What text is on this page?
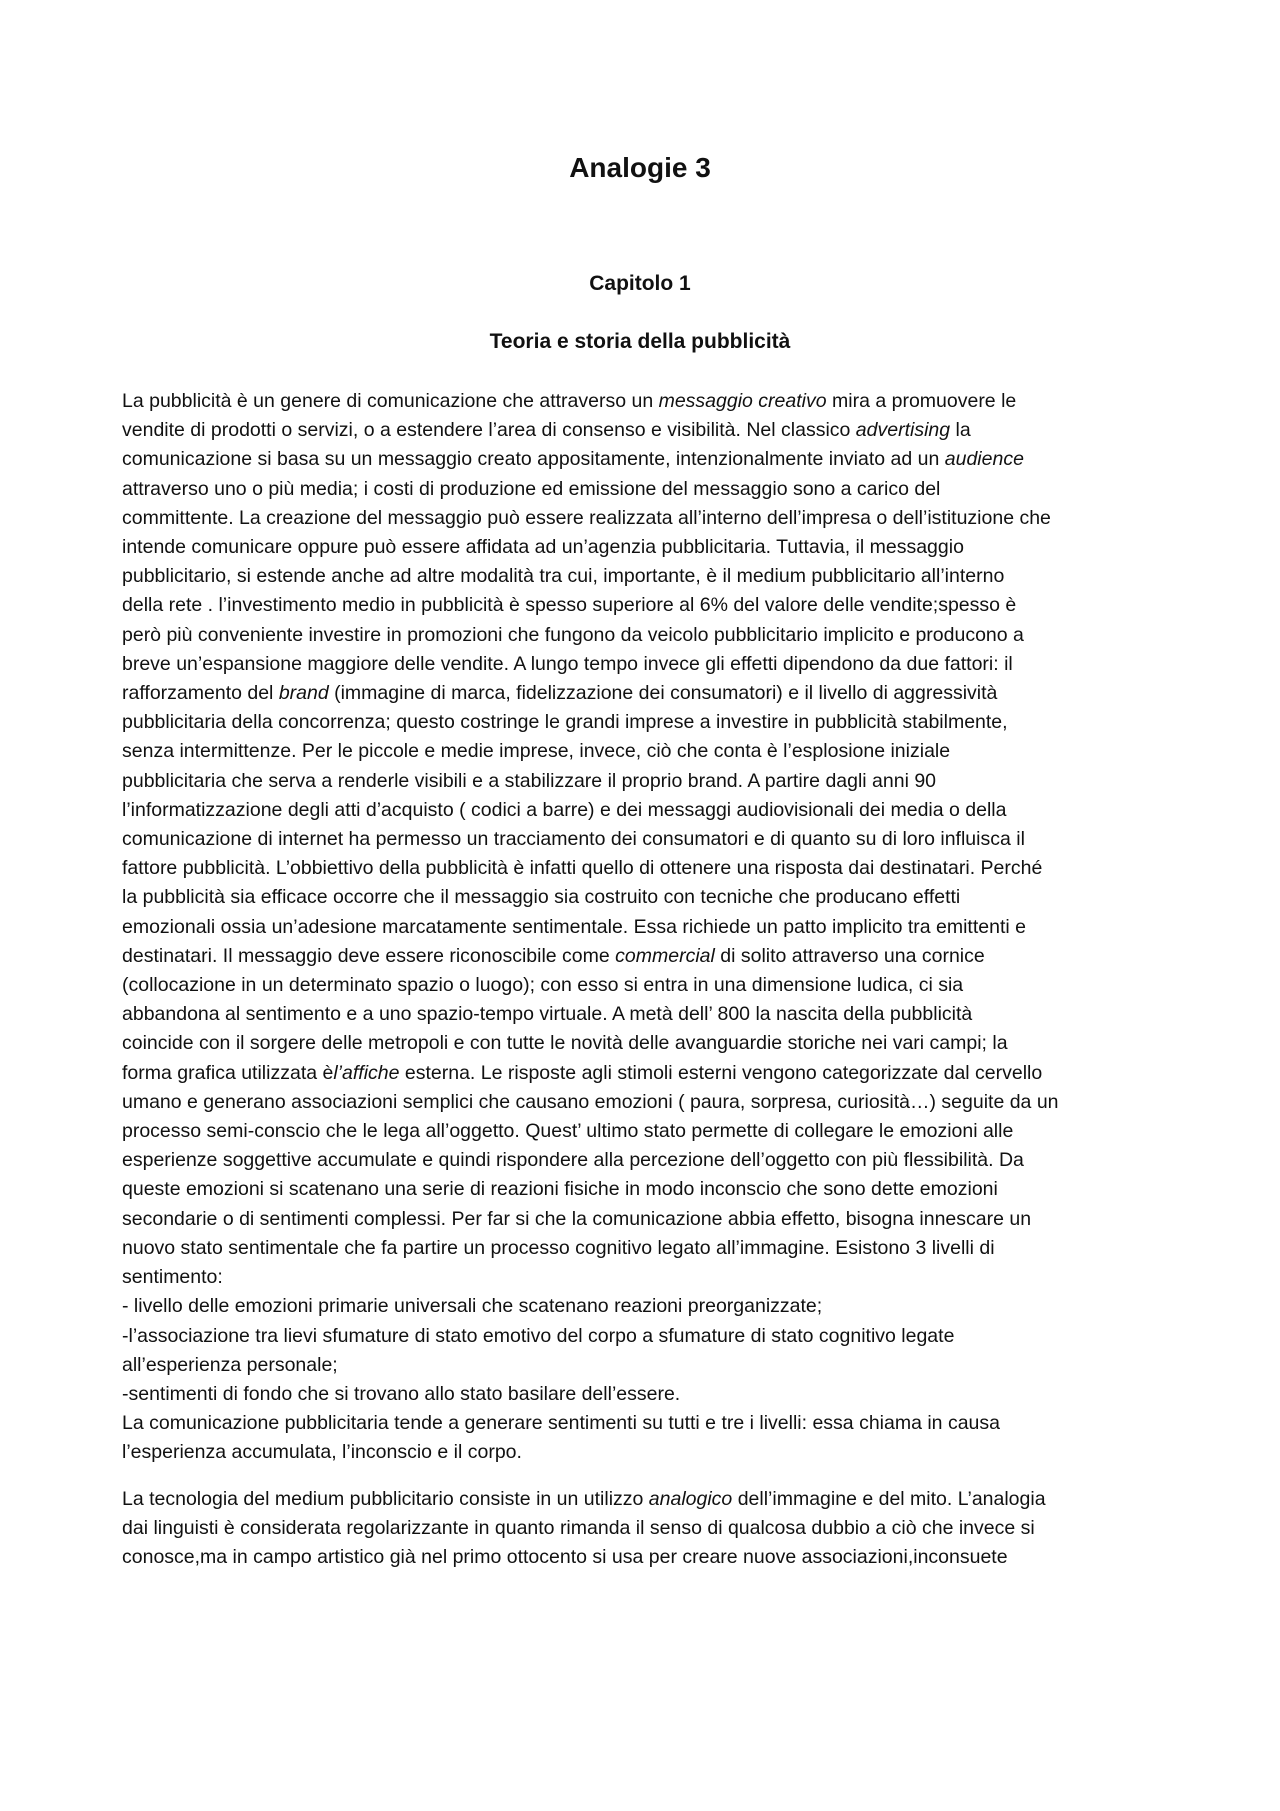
Analogie 3
Capitolo 1
Teoria e storia della pubblicità
La pubblicità è un genere di comunicazione che attraverso un messaggio creativo mira a promuovere le
vendite di prodotti o servizi, o a estendere l’area di consenso e visibilità. Nel classico advertising la
comunicazione si basa su un messaggio creato appositamente, intenzionalmente inviato ad un audience
attraverso uno o più media; i costi di produzione ed emissione del messaggio sono a carico del
committente. La creazione del messaggio può essere realizzata all’interno dell’impresa o dell’istituzione che
intende comunicare oppure può essere affidata ad un’agenzia pubblicitaria. Tuttavia, il messaggio
pubblicitario, si estende anche ad altre modalità tra cui, importante, è il medium pubblicitario all’interno
della rete . l’investimento medio in pubblicità è spesso superiore al 6% del valore delle vendite;spesso è
però più conveniente investire in promozioni che fungono da veicolo pubblicitario implicito e producono a
breve un’espansione maggiore delle vendite. A lungo tempo invece gli effetti dipendono da due fattori: il
rafforzamento del brand (immagine di marca, fidelizzazione dei consumatori) e il livello di aggressività
pubblicitaria della concorrenza; questo costringe le grandi imprese a investire in pubblicità stabilmente,
senza intermittenze. Per le piccole e medie imprese, invece, ciò che conta è l’esplosione iniziale
pubblicitaria che serva a renderle visibili e a stabilizzare il proprio brand. A partire dagli anni 90
l’informatizzazione degli atti d’acquisto ( codici a barre) e dei messaggi audiovisionali dei media o della
comunicazione di internet ha permesso un tracciamento dei consumatori e di quanto su di loro influisca il
fattore pubblicità. L’obbiettivo della pubblicità è infatti quello di ottenere una risposta dai destinatari. Perché
la pubblicità sia efficace occorre che il messaggio sia costruito con tecniche che producano effetti
emozionali ossia un’adesione marcatamente sentimentale. Essa richiede un patto implicito tra emittenti e
destinatari. Il messaggio deve essere riconoscibile come commercial di solito attraverso una cornice
(collocazione in un determinato spazio o luogo); con esso si entra in una dimensione ludica, ci sia
abbandona al sentimento e a uno spazio-tempo virtuale. A metà dell’ 800 la nascita della pubblicità
coincide con il sorgere delle metropoli e con tutte le novità delle avanguardie storiche nei vari campi; la
forma grafica utilizzata èl’affiche esterna. Le risposte agli stimoli esterni vengono categorizzate dal cervello
umano e generano associazioni semplici che causano emozioni ( paura, sorpresa, curiosità…) seguite da un
processo semi-conscio che le lega all’oggetto. Quest’ ultimo stato permette di collegare le emozioni alle
esperienze soggettive accumulate e quindi rispondere alla percezione dell’oggetto con più flessibilità. Da
queste emozioni si scatenano una serie di reazioni fisiche in modo inconscio che sono dette emozioni
secondarie o di sentimenti complessi. Per far si che la comunicazione abbia effetto, bisogna innescare un
nuovo stato sentimentale che fa partire un processo cognitivo legato all’immagine. Esistono 3 livelli di
sentimento:
- livello delle emozioni primarie universali che scatenano reazioni preorganizzate;
-l’associazione tra lievi sfumature di stato emotivo del corpo a sfumature di stato cognitivo legate
all’esperienza personale;
-sentimenti di fondo che si trovano allo stato basilare dell’essere.
La comunicazione pubblicitaria tende a generare sentimenti su tutti e tre i livelli: essa chiama in causa
l’esperienza accumulata, l’inconscio e il corpo.
La tecnologia del medium pubblicitario consiste in un utilizzo analogico dell’immagine e del mito. L’analogia
dai linguisti è considerata regolarizzante in quanto rimanda il senso di qualcosa dubbio a ciò che invece si
conosce,ma in campo artistico già nel primo ottocento si usa per creare nuove associazioni,inconsuete
